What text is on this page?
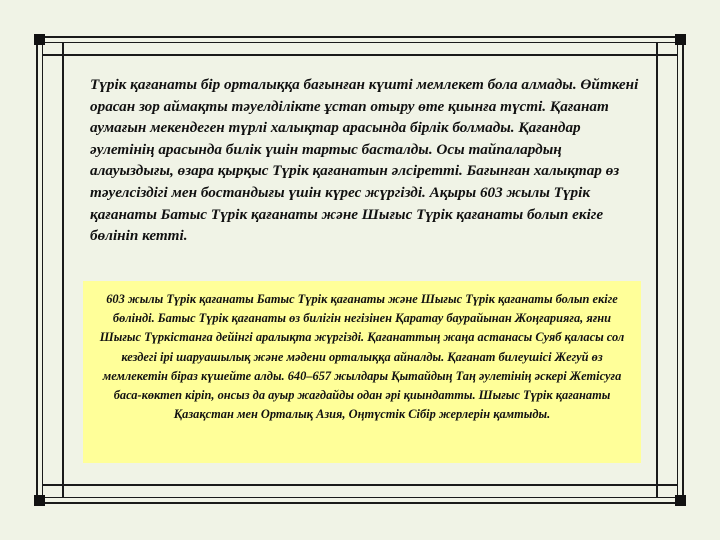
Түрік қағанаты бір орталыққа бағынған күшті мемлекет бола алмады. Өйткені орасан зор аймақты тәуелділікте ұстап отыру өте қиынға түсті. Қағанат аумағын мекендеген түрлі халықтар арасында бірлік болмады. Қағандар әулетінің арасында билік үшін тартыс басталды. Осы тайпалардың алауыздығы, өзара қырқыс Түрік қағанатын әлсіретті. Бағынған халықтар өз тәуелсіздігі мен бостандығы үшін күрес жүргізді. Ақыры 603 жылы Түрік қағанаты Батыс Түрік қағанаты және Шығыс Түрік қағанаты болып екіге бөлініп кетті.

603 жылы Түрік қағанаты Батыс Түрік қағанаты және Шығыс Түрік қағанаты болып екіге бөлінді. Батыс Түрік қағанаты өз билігін негізінен Қаратау баурайынан Жоңғарияға, яғни Шығыс Түркістанға дейінгі аралықта жүргізді. Қағанаттың жаңа астанасы Суяб қаласы сол кездегі ірі шаруашылық және мәдени орталыққа айналды. Қағанат билеушісі Жегуй өз мемлекетін біраз күшейте алды. 640–657 жылдары Қытайдың Таң әулетінің әскері Жетісуға баса-көктеп кіріп, онсыз да ауыр жағдайды одан әрі қиындатты. Шығыс Түрік қағанаты Қазақстан мен Орталық Азия, Оңтүстік Сібір жерлерін қамтыды.
